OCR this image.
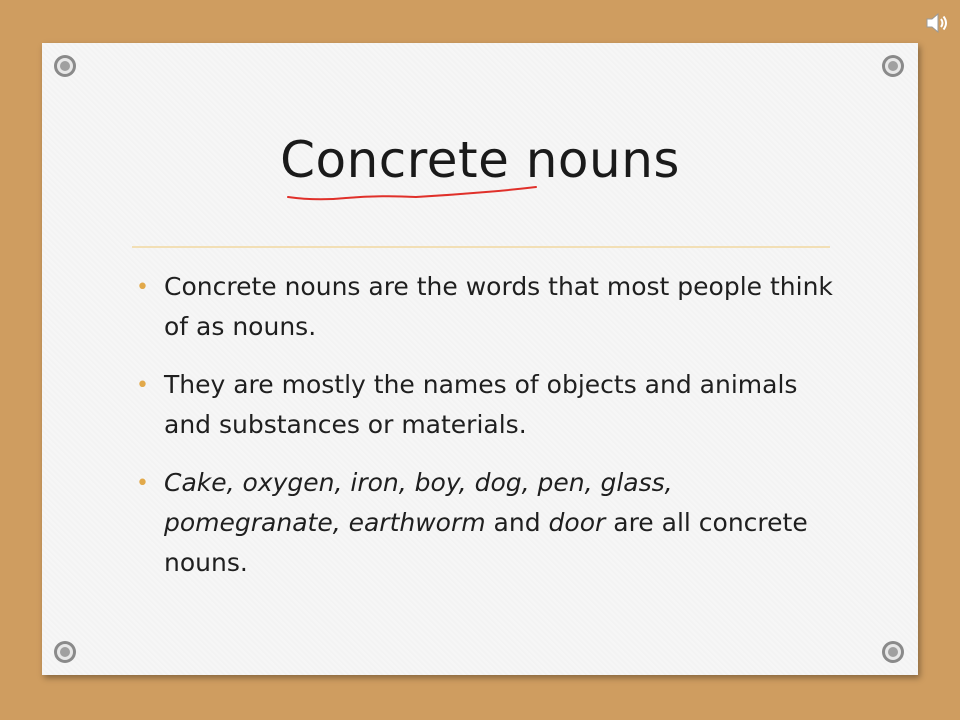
Concrete nouns
• Concrete nouns are the words that most people think of as nouns.
• They are mostly the names of objects and animals and substances or materials.
• Cake, oxygen, iron, boy, dog, pen, glass, pomegranate, earthworm and door are all concrete nouns.
